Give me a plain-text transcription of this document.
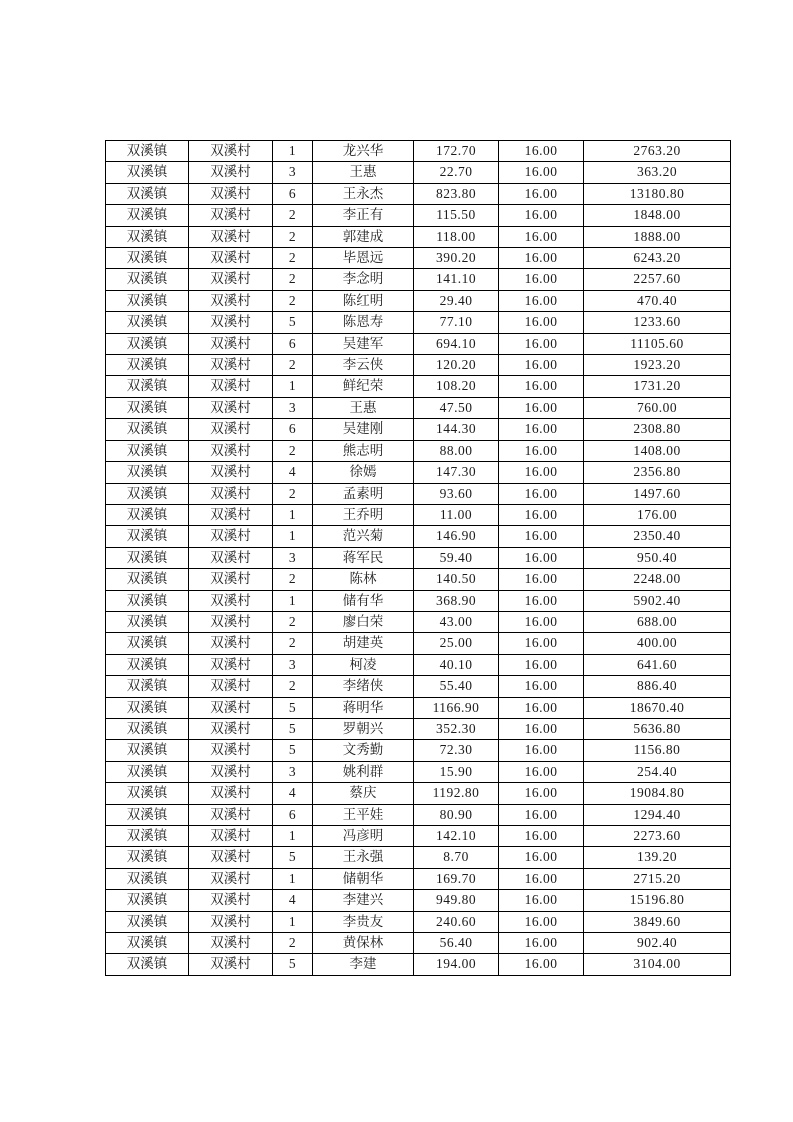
双溪镇	双溪村	1	龙兴华	172.70	16.00	2763.20
双溪镇	双溪村	3	王惠	22.70	16.00	363.20
双溪镇	双溪村	6	王永杰	823.80	16.00	13180.80
双溪镇	双溪村	2	李正有	115.50	16.00	1848.00
双溪镇	双溪村	2	郭建成	118.00	16.00	1888.00
双溪镇	双溪村	2	毕恩远	390.20	16.00	6243.20
双溪镇	双溪村	2	李念明	141.10	16.00	2257.60
双溪镇	双溪村	2	陈红明	29.40	16.00	470.40
双溪镇	双溪村	5	陈恩寿	77.10	16.00	1233.60
双溪镇	双溪村	6	吴建军	694.10	16.00	11105.60
双溪镇	双溪村	2	李云侠	120.20	16.00	1923.20
双溪镇	双溪村	1	鲜纪荣	108.20	16.00	1731.20
双溪镇	双溪村	3	王惠	47.50	16.00	760.00
双溪镇	双溪村	6	吴建刚	144.30	16.00	2308.80
双溪镇	双溪村	2	熊志明	88.00	16.00	1408.00
双溪镇	双溪村	4	徐嫣	147.30	16.00	2356.80
双溪镇	双溪村	2	孟素明	93.60	16.00	1497.60
双溪镇	双溪村	1	王乔明	11.00	16.00	176.00
双溪镇	双溪村	1	范兴菊	146.90	16.00	2350.40
双溪镇	双溪村	3	蒋军民	59.40	16.00	950.40
双溪镇	双溪村	2	陈林	140.50	16.00	2248.00
双溪镇	双溪村	1	储有华	368.90	16.00	5902.40
双溪镇	双溪村	2	廖白荣	43.00	16.00	688.00
双溪镇	双溪村	2	胡建英	25.00	16.00	400.00
双溪镇	双溪村	3	柯凌	40.10	16.00	641.60
双溪镇	双溪村	2	李绪侠	55.40	16.00	886.40
双溪镇	双溪村	5	蒋明华	1166.90	16.00	18670.40
双溪镇	双溪村	5	罗朝兴	352.30	16.00	5636.80
双溪镇	双溪村	5	文秀勤	72.30	16.00	1156.80
双溪镇	双溪村	3	姚利群	15.90	16.00	254.40
双溪镇	双溪村	4	蔡庆	1192.80	16.00	19084.80
双溪镇	双溪村	6	王平娃	80.90	16.00	1294.40
双溪镇	双溪村	1	冯彦明	142.10	16.00	2273.60
双溪镇	双溪村	5	王永强	8.70	16.00	139.20
双溪镇	双溪村	1	储朝华	169.70	16.00	2715.20
双溪镇	双溪村	4	李建兴	949.80	16.00	15196.80
双溪镇	双溪村	1	李贵友	240.60	16.00	3849.60
双溪镇	双溪村	2	黄保林	56.40	16.00	902.40
双溪镇	双溪村	5	李建	194.00	16.00	3104.00
